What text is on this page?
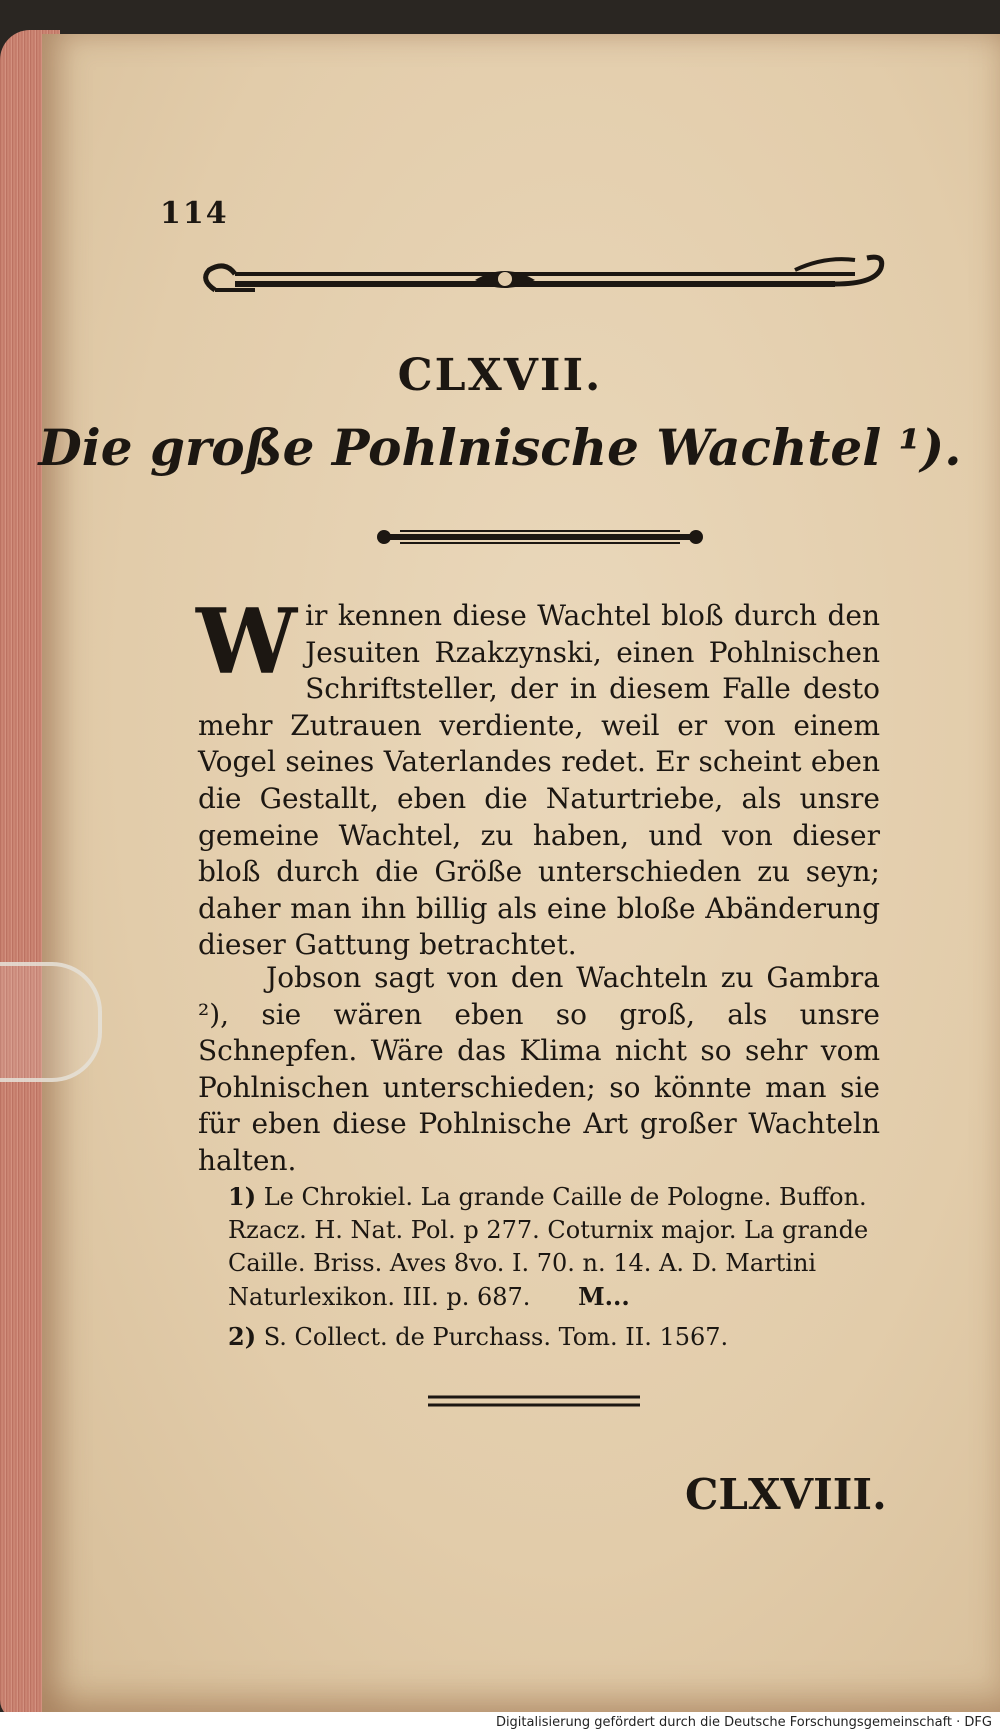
114
CLXVII.
Die große Pohlnische Wachtel ¹).
W ir kennen diese Wachtel bloß durch den Jesuiten Rzakzynski, einen Pohlnischen Schriftsteller, der in diesem Falle desto mehr Zutrauen verdiente, weil er von einem Vogel seines Vaterlandes redet. Er scheint eben die Gestallt, eben die Naturtriebe, als unsre gemeine Wachtel, zu haben, und von dieser bloß durch die Größe unterschieden zu seyn; daher man ihn billig als eine bloße Abänderung dieser Gattung betrachtet.
Jobson sagt von den Wachteln zu Gambra ²), sie wären eben so groß, als unsre Schnepfen. Wäre das Klima nicht so sehr vom Pohlnischen unterschieden; so könnte man sie für eben diese Pohlnische Art großer Wachteln halten.
1) Le Chrokiel. La grande Caille de Pologne. Buffon. Rzacz. H. Nat. Pol. p 277. Coturnix major. La grande Caille. Briss. Aves 8vo. I. 70. n. 14. A. D. Martini Naturlexikon. III. p. 687. M...
2) S. Collect. de Purchass. Tom. II. 1567.
CLXVIII.
Digitalisierung gefördert durch die Deutsche Forschungsgemeinschaft · DFG
